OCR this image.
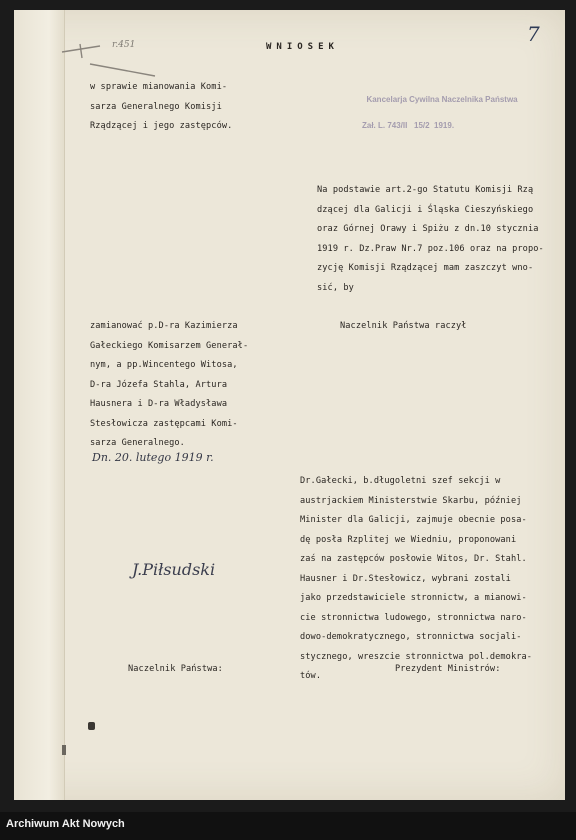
r.451	7
WNIOSEK

Kancelarja Cywilna Naczelnika Państwa

Zał. L. 743/II   15/2  1919.

w sprawie mianowania Komi-
sarza Generalnego Komisji
Rządzącej i jego zastępców.
Na podstawie art.2-go Statutu Komisji Rzą
dzącej dla Galicji i Śląska Cieszyńskiego
oraz Górnej Orawy i Spiżu z dn.10 stycznia
1919 r. Dz.Praw Nr.7 poz.106 oraz na propo-
zycję Komisji Rządzącej mam zaszczyt wno-
sić, by
Naczelnik Państwa raczył
zamianować p.D-ra Kazimierza
Gałeckiego Komisarzem Generał-
nym, a pp.Wincentego Witosa,
D-ra Józefa Stahla, Artura
Hausnera i D-ra Władysława
Stesłowicza zastępcami Komi-
sarza Generalnego.
Dn. 20. lutego 1919 r.
J.Piłsudski
Dr.Gałecki, b.długoletni szef sekcji w
austrjackiem Ministerstwie Skarbu, później
Minister dla Galicji, zajmuje obecnie posa-
dę posła Rzplitej we Wiedniu, proponowani
zaś na zastępców posłowie Witos, Dr. Stahl.
Hausner i Dr.Stesłowicz, wybrani zostali
jako przedstawiciele stronnictw, a mianowi-
cie stronnictwa ludowego, stronnictwa naro-
dowo-demokratycznego, stronnictwa socjali-
stycznego, wreszcie stronnictwa pol.demokra-
tów.
Naczelnik Państwa:	Prezydent Ministrów:
Archiwum Akt Nowych
